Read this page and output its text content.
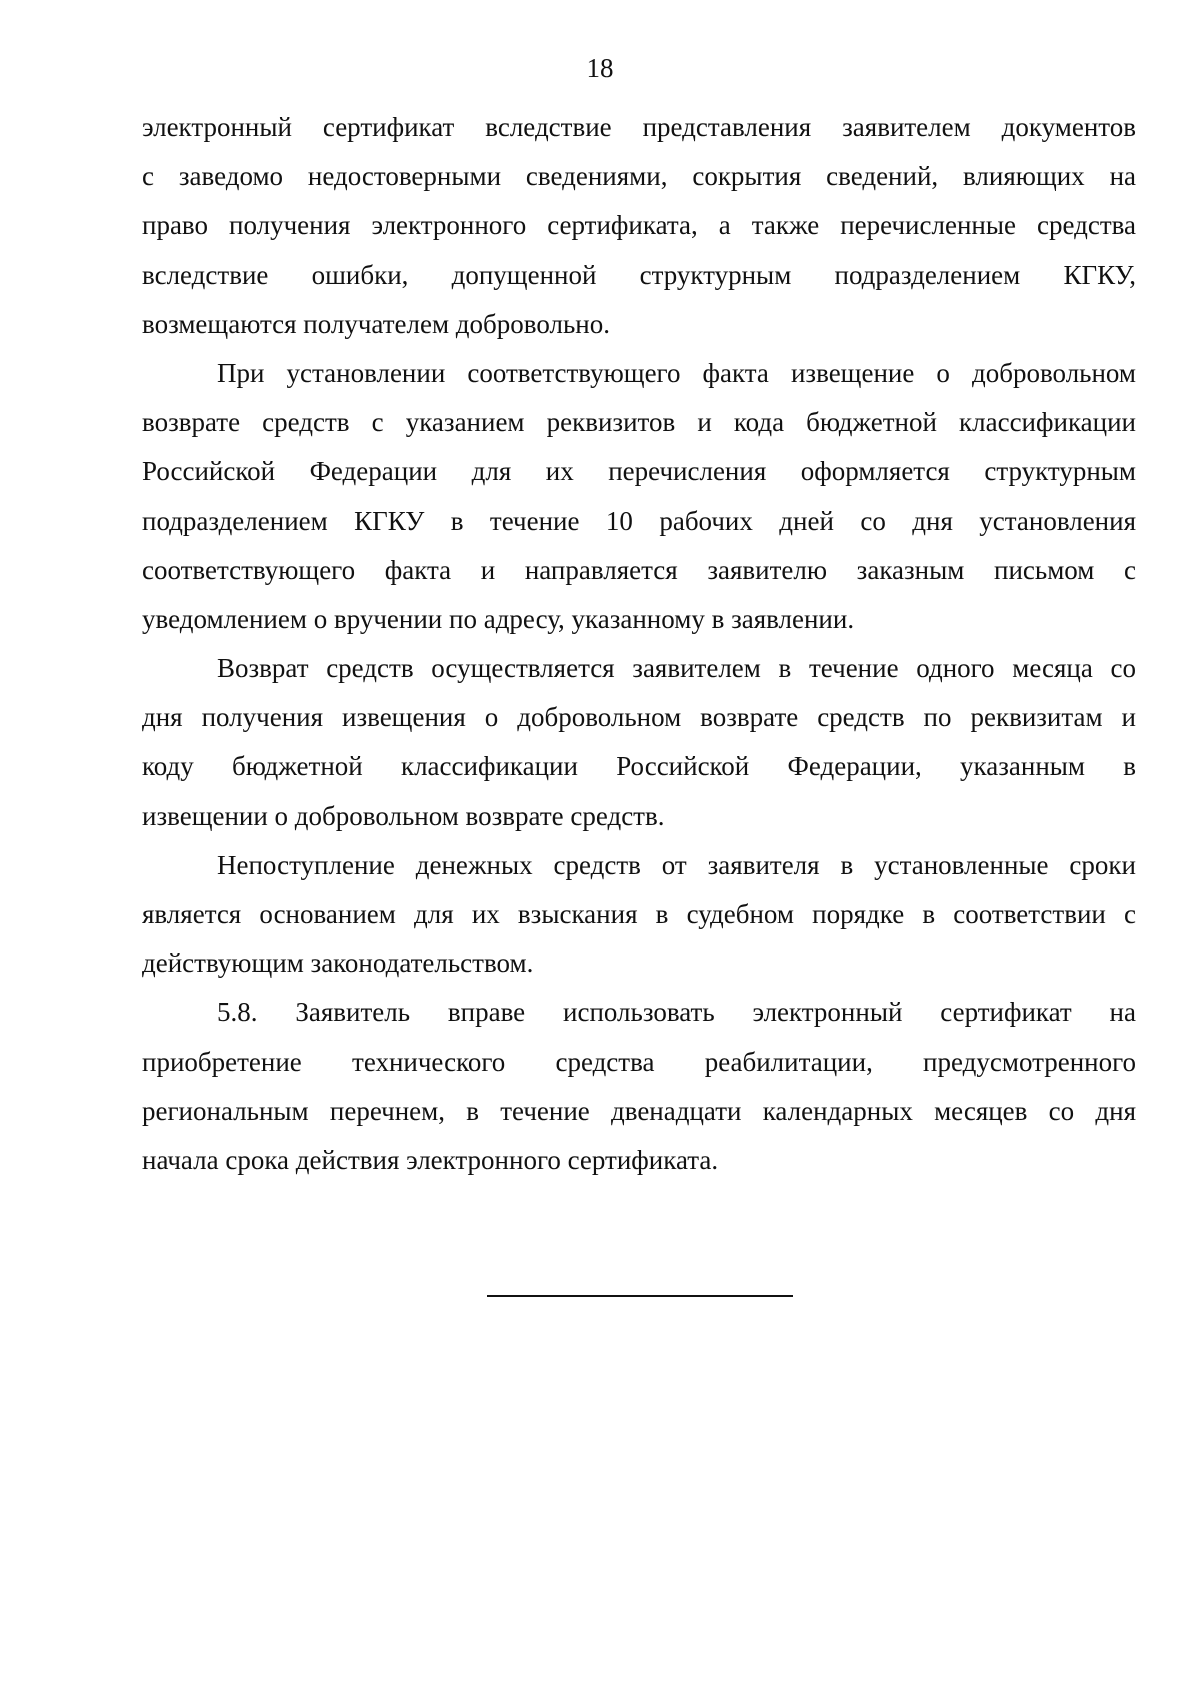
18
электронный сертификат вследствие представления заявителем документов
с заведомо недостоверными сведениями, сокрытия сведений, влияющих на
право получения электронного сертификата, а также перечисленные средства
вследствие ошибки, допущенной структурным подразделением КГКУ,
возмещаются получателем добровольно.
При установлении соответствующего факта извещение о добровольном
возврате средств с указанием реквизитов и кода бюджетной классификации
Российской Федерации для их перечисления оформляется структурным
подразделением КГКУ в течение 10 рабочих дней со дня установления
соответствующего факта и направляется заявителю заказным письмом с
уведомлением о вручении по адресу, указанному в заявлении.
Возврат средств осуществляется заявителем в течение одного месяца со
дня получения извещения о добровольном возврате средств по реквизитам и
коду бюджетной классификации Российской Федерации, указанным в
извещении о добровольном возврате средств.
Непоступление денежных средств от заявителя в установленные сроки
является основанием для их взыскания в судебном порядке в соответствии с
действующим законодательством.
5.8. Заявитель вправе использовать электронный сертификат на
приобретение технического средства реабилитации, предусмотренного
региональным перечнем, в течение двенадцати календарных месяцев со дня
начала срока действия электронного сертификата.
